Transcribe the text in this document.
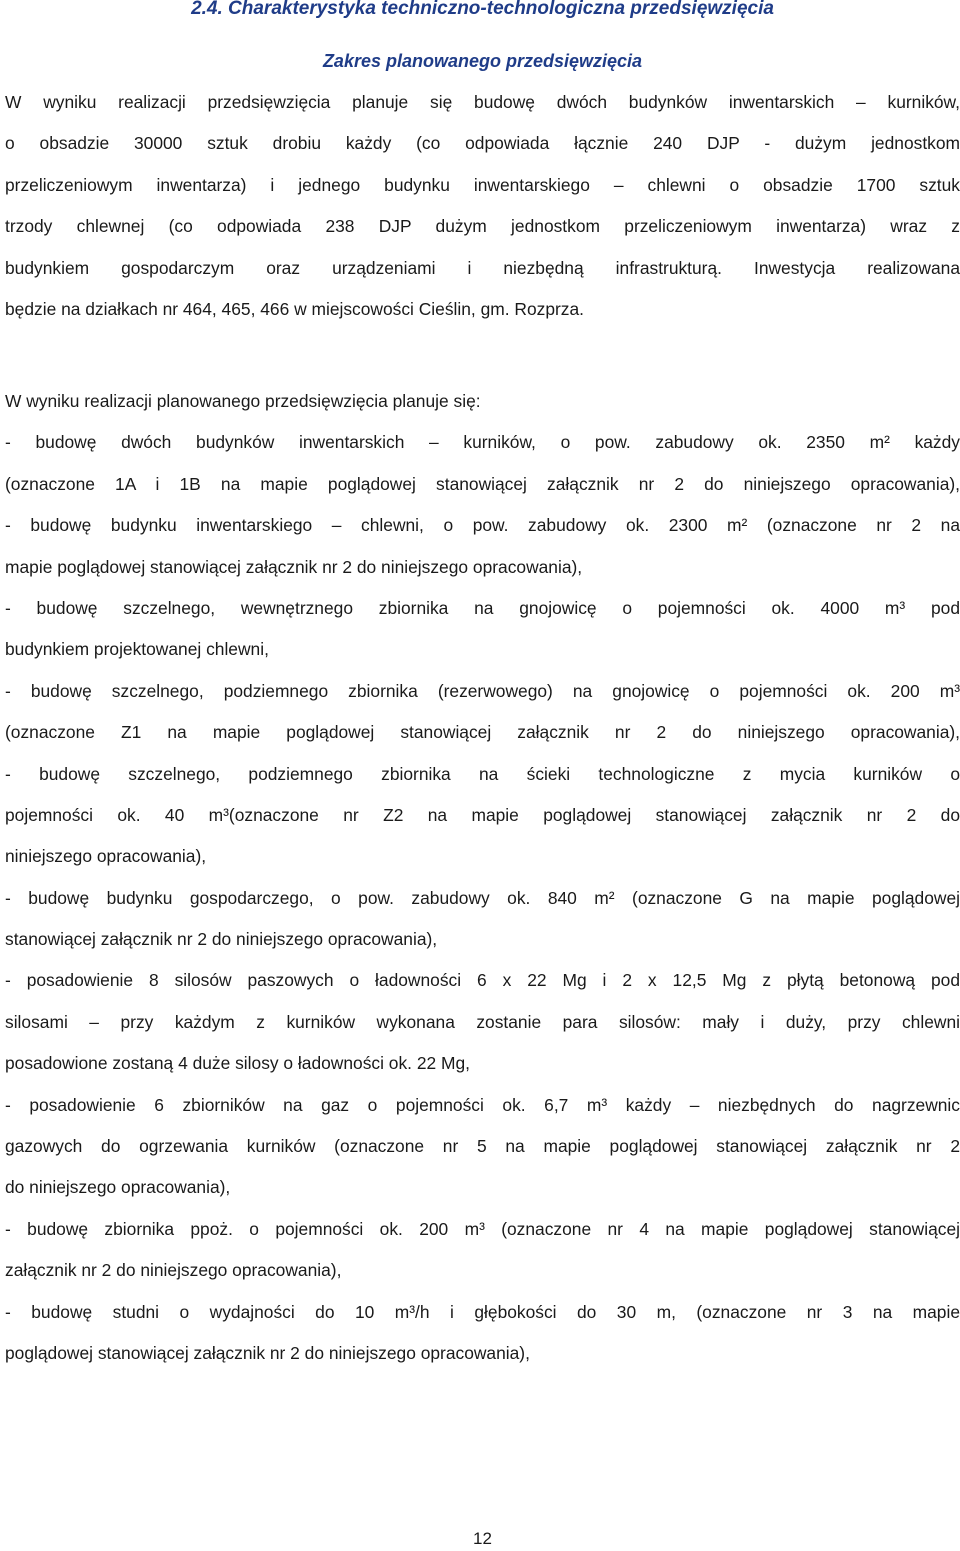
2.4. Charakterystyka techniczno-technologiczna przedsięwzięcia
Zakres planowanego przedsięwzięcia
W wyniku realizacji przedsięwzięcia planuje się budowę dwóch budynków inwentarskich – kurników,
o obsadzie 30000 sztuk drobiu każdy (co odpowiada łącznie 240 DJP - dużym jednostkom
przeliczeniowym inwentarza) i jednego budynku inwentarskiego – chlewni o obsadzie 1700 sztuk
trzody chlewnej (co odpowiada 238 DJP dużym jednostkom przeliczeniowym inwentarza) wraz z
budynkiem gospodarczym oraz urządzeniami i niezbędną infrastrukturą. Inwestycja realizowana
będzie na działkach nr 464, 465, 466 w miejscowości Cieślin, gm. Rozprza.
W wyniku realizacji planowanego przedsięwzięcia planuje się:
- budowę dwóch budynków inwentarskich – kurników, o pow. zabudowy ok. 2350 m² każdy
(oznaczone 1A i 1B na mapie poglądowej stanowiącej załącznik nr 2 do niniejszego opracowania),
- budowę budynku inwentarskiego – chlewni, o pow. zabudowy ok. 2300 m² (oznaczone nr 2 na
mapie poglądowej stanowiącej załącznik nr 2 do niniejszego opracowania),
- budowę szczelnego, wewnętrznego zbiornika na gnojowicę o pojemności ok. 4000 m³ pod
budynkiem projektowanej chlewni,
- budowę szczelnego, podziemnego zbiornika (rezerwowego) na gnojowicę o pojemności ok. 200 m³
(oznaczone Z1 na mapie poglądowej stanowiącej załącznik nr 2 do niniejszego opracowania),
- budowę szczelnego, podziemnego zbiornika na ścieki technologiczne z mycia kurników o
pojemności ok. 40 m³(oznaczone nr Z2 na mapie poglądowej stanowiącej załącznik nr 2 do
niniejszego opracowania),
- budowę budynku gospodarczego, o pow. zabudowy ok. 840 m² (oznaczone G na mapie poglądowej
stanowiącej załącznik nr 2 do niniejszego opracowania),
- posadowienie 8 silosów paszowych o ładowności 6 x 22 Mg i 2 x 12,5 Mg z płytą betonową pod
silosami – przy każdym z kurników wykonana zostanie para silosów: mały i duży, przy chlewni
posadowione zostaną 4 duże silosy o ładowności ok. 22 Mg,
- posadowienie 6 zbiorników na gaz o pojemności ok. 6,7 m³ każdy – niezbędnych do nagrzewnic
gazowych do ogrzewania kurników (oznaczone nr 5 na mapie poglądowej stanowiącej załącznik nr 2
do niniejszego opracowania),
- budowę zbiornika ppoż. o pojemności ok. 200 m³ (oznaczone nr 4 na mapie poglądowej stanowiącej
załącznik nr 2 do niniejszego opracowania),
- budowę studni o wydajności do 10 m³/h i głębokości do 30 m, (oznaczone nr 3 na mapie
poglądowej stanowiącej załącznik nr 2 do niniejszego opracowania),
12
